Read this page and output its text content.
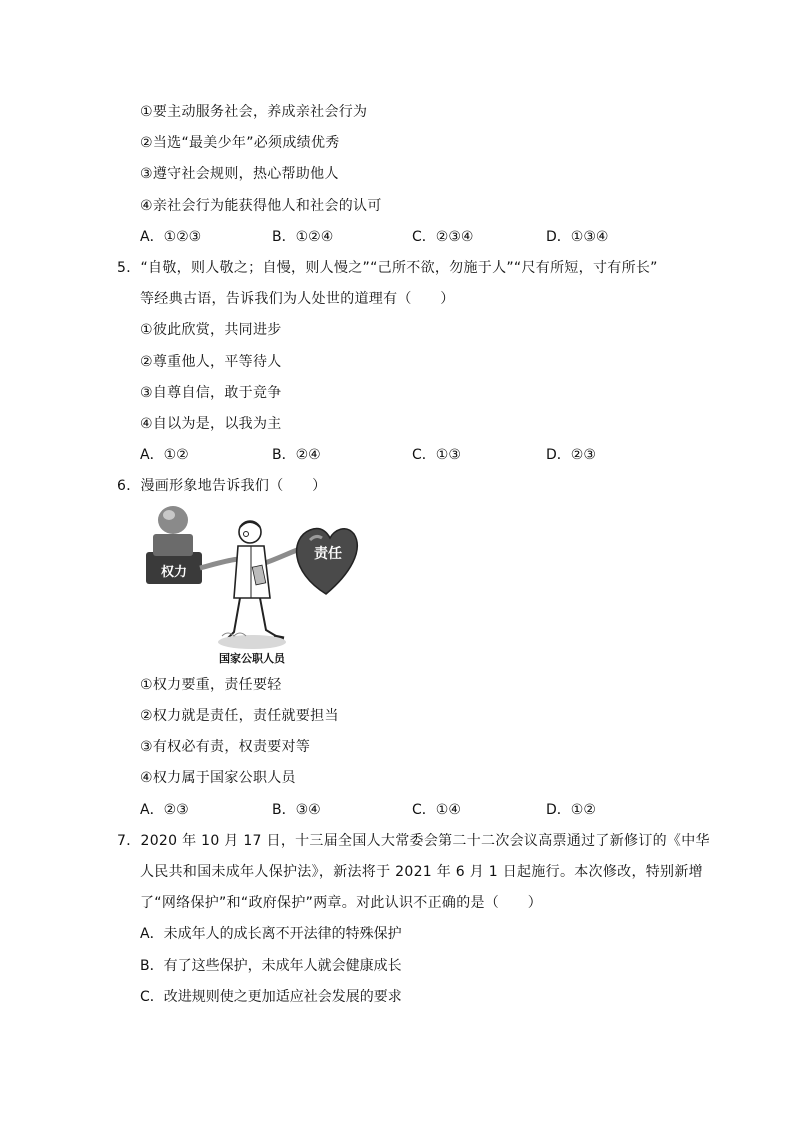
①要主动服务社会，养成亲社会行为
②当选“最美少年”必须成绩优秀
③遵守社会规则，热心帮助他人
④亲社会行为能获得他人和社会的认可
A．①②③	B．①②④	C．②③④	D．①③④
5．“自敬，则人敬之；自慢，则人慢之”“己所不欲，勿施于人”“尺有所短，寸有所长”
等经典古语，告诉我们为人处世的道理有（　　）
①彼此欣赏，共同进步
②尊重他人，平等待人
③自尊自信，敢于竞争
④自以为是，以我为主
A．①②	B．②④	C．①③	D．②③
6．漫画形象地告诉我们（　　）
权力
责任
国家公职人员
①权力要重，责任要轻
②权力就是责任，责任就要担当
③有权必有责，权责要对等
④权力属于国家公职人员
A．②③	B．③④	C．①④	D．①②
7．2020 年 10 月 17 日，十三届全国人大常委会第二十二次会议高票通过了新修订的《中华
人民共和国未成年人保护法》，新法将于 2021 年 6 月 1 日起施行。本次修改，特别新增
了“网络保护”和“政府保护”两章。对此认识不正确的是（　　）
A．未成年人的成长离不开法律的特殊保护
B．有了这些保护，未成年人就会健康成长
C．改进规则使之更加适应社会发展的要求
